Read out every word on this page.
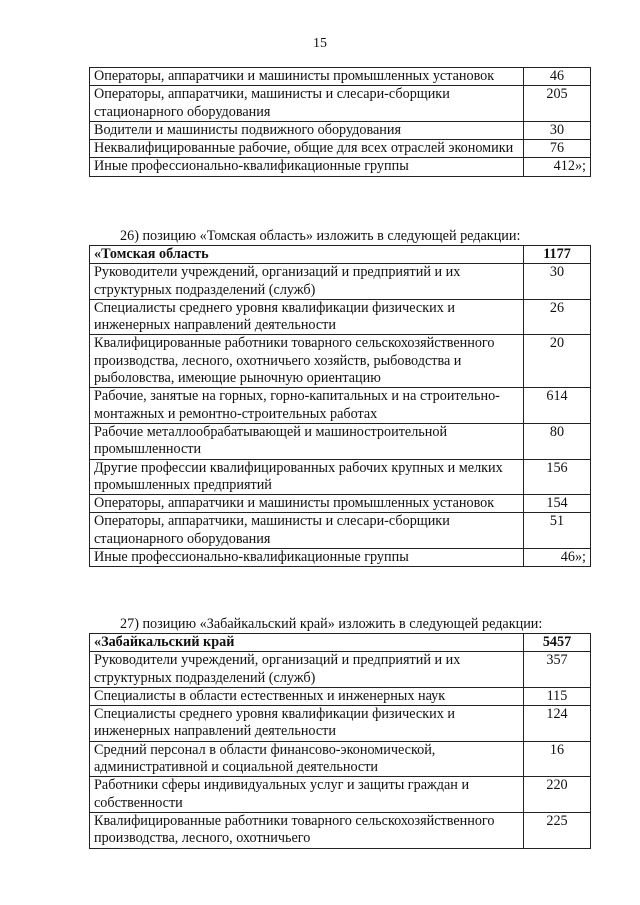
15
Операторы, аппаратчики и машинисты промышленных установок	46
Операторы, аппаратчики, машинисты и слесари-сборщики стационарного оборудования	205
Водители и машинисты подвижного оборудования	30
Неквалифицированные рабочие, общие для всех отраслей экономики	76
Иные профессионально-квалификационные группы	412»;
26) позицию «Томская область» изложить в следующей редакции:
«Томская область	1177
Руководители учреждений, организаций и предприятий и их структурных подразделений (служб)	30
Специалисты среднего уровня квалификации физических и инженерных направлений деятельности	26
Квалифицированные работники товарного сельскохозяйственного производства, лесного, охотничьего хозяйств, рыбоводства и рыболовства, имеющие рыночную ориентацию	20
Рабочие, занятые на горных, горно-капитальных и на строительно-монтажных и ремонтно-строительных работах	614
Рабочие металлообрабатывающей и машиностроительной промышленности	80
Другие профессии квалифицированных рабочих крупных и мелких промышленных предприятий	156
Операторы, аппаратчики и машинисты промышленных установок	154
Операторы, аппаратчики, машинисты и слесари-сборщики стационарного оборудования	51
Иные профессионально-квалификационные группы	46»;
27) позицию «Забайкальский край» изложить в следующей редакции:
«Забайкальский край	5457
Руководители учреждений, организаций и предприятий и их структурных подразделений (служб)	357
Специалисты в области естественных и инженерных наук	115
Специалисты среднего уровня квалификации физических и инженерных направлений деятельности	124
Средний персонал в области финансово-экономической, административной и социальной деятельности	16
Работники сферы индивидуальных услуг и защиты граждан и собственности	220
Квалифицированные работники товарного сельскохозяйственного производства, лесного, охотничьего	225
